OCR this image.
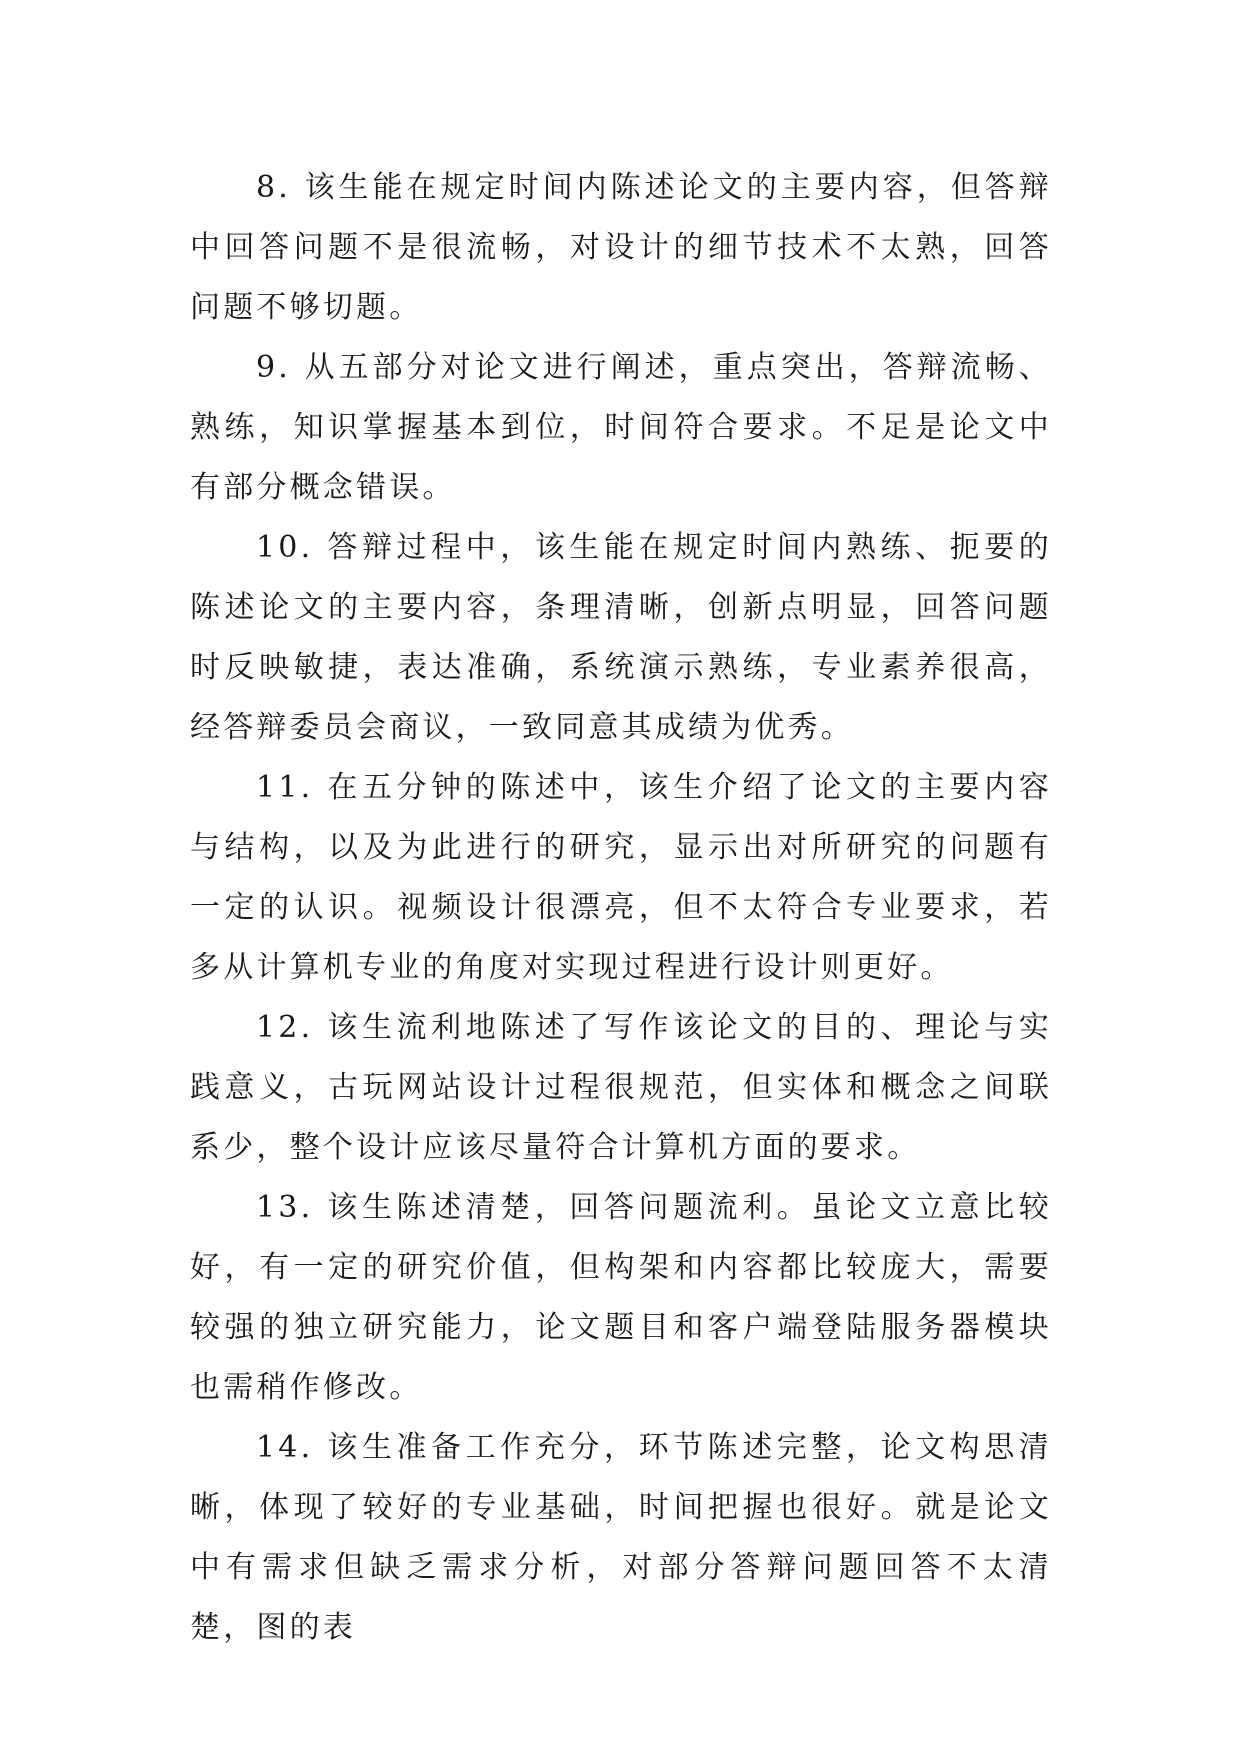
8. 该生能在规定时间内陈述论文的主要内容，但答辩中回答问题不是很流畅，对设计的细节技术不太熟，回答问题不够切题。

9. 从五部分对论文进行阐述，重点突出，答辩流畅、熟练，知识掌握基本到位，时间符合要求。不足是论文中有部分概念错误。

10. 答辩过程中，该生能在规定时间内熟练、扼要的陈述论文的主要内容，条理清晰，创新点明显，回答问题时反映敏捷，表达准确，系统演示熟练，专业素养很高，经答辩委员会商议，一致同意其成绩为优秀。

11. 在五分钟的陈述中，该生介绍了论文的主要内容与结构，以及为此进行的研究，显示出对所研究的问题有一定的认识。视频设计很漂亮，但不太符合专业要求，若多从计算机专业的角度对实现过程进行设计则更好。

12. 该生流利地陈述了写作该论文的目的、理论与实践意义，古玩网站设计过程很规范，但实体和概念之间联系少，整个设计应该尽量符合计算机方面的要求。

13. 该生陈述清楚，回答问题流利。虽论文立意比较好，有一定的研究价值，但构架和内容都比较庞大，需要较强的独立研究能力，论文题目和客户端登陆服务器模块也需稍作修改。

14. 该生准备工作充分，环节陈述完整，论文构思清晰，体现了较好的专业基础，时间把握也很好。就是论文中有需求但缺乏需求分析，对部分答辩问题回答不太清楚，图的表
